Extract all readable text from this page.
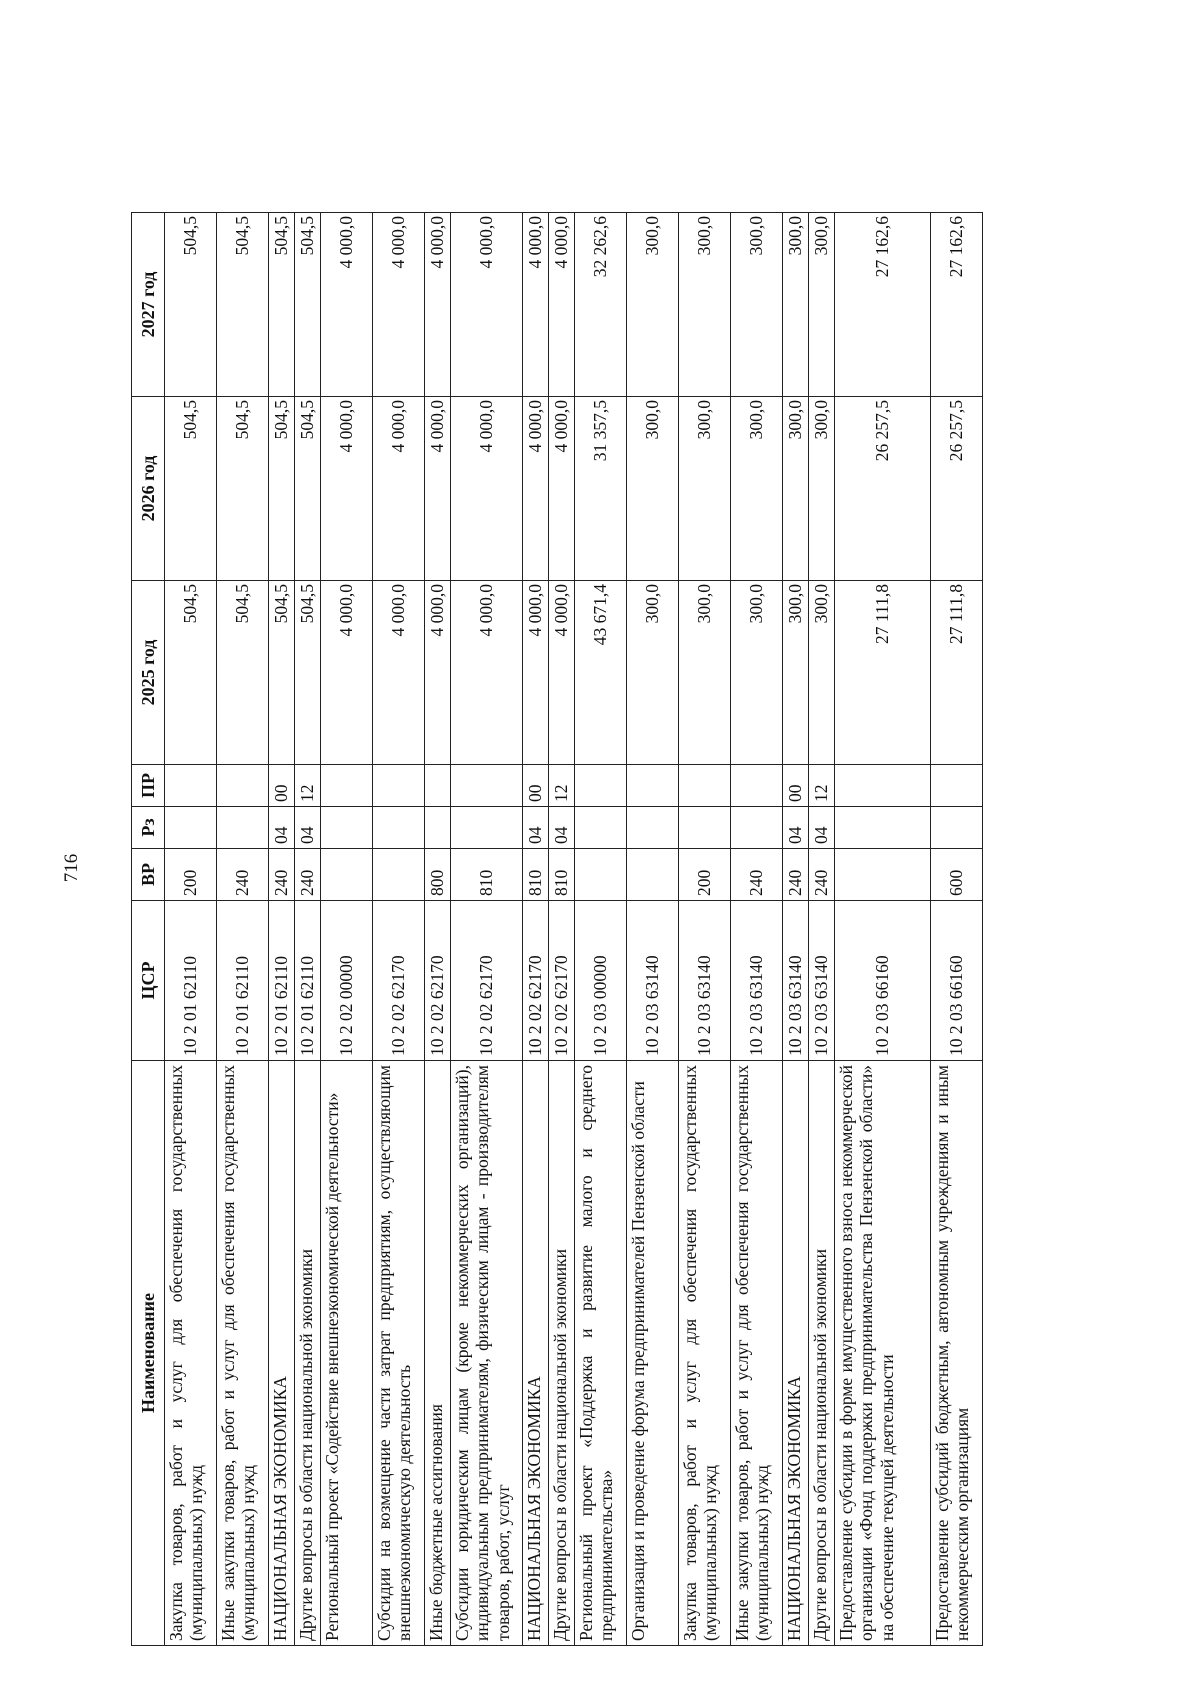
716
Наименование	ЦСР	ВР	Рз	ПР	2025 год	2026 год	2027 год
Закупка товаров, работ и услуг для обеспечения государственных (муниципальных) нужд	10 2 01 62110	200			504,5	504,5	504,5
Иные закупки товаров, работ и услуг для обеспечения государственных (муниципальных) нужд	10 2 01 62110	240			504,5	504,5	504,5
НАЦИОНАЛЬНАЯ ЭКОНОМИКА	10 2 01 62110	240	04	00	504,5	504,5	504,5
Другие вопросы в области национальной экономики	10 2 01 62110	240	04	12	504,5	504,5	504,5
Региональный проект «Содействие внешнеэкономической деятельности»	10 2 02 00000				4 000,0	4 000,0	4 000,0
Субсидии на возмещение части затрат предприятиям, осуществляющим внешнеэкономическую деятельность	10 2 02 62170				4 000,0	4 000,0	4 000,0
Иные бюджетные ассигнования	10 2 02 62170	800			4 000,0	4 000,0	4 000,0
Субсидии юридическим лицам (кроме некоммерческих организаций), индивидуальным предпринимателям, физическим лицам - производителям товаров, работ, услуг	10 2 02 62170	810			4 000,0	4 000,0	4 000,0
НАЦИОНАЛЬНАЯ ЭКОНОМИКА	10 2 02 62170	810	04	00	4 000,0	4 000,0	4 000,0
Другие вопросы в области национальной экономики	10 2 02 62170	810	04	12	4 000,0	4 000,0	4 000,0
Региональный проект «Поддержка и развитие малого и среднего предпринимательства»	10 2 03 00000				43 671,4	31 357,5	32 262,6
Организация и проведение форума предпринимателей Пензенской области	10 2 03 63140				300,0	300,0	300,0
Закупка товаров, работ и услуг для обеспечения государственных (муниципальных) нужд	10 2 03 63140	200			300,0	300,0	300,0
Иные закупки товаров, работ и услуг для обеспечения государственных (муниципальных) нужд	10 2 03 63140	240			300,0	300,0	300,0
НАЦИОНАЛЬНАЯ ЭКОНОМИКА	10 2 03 63140	240	04	00	300,0	300,0	300,0
Другие вопросы в области национальной экономики	10 2 03 63140	240	04	12	300,0	300,0	300,0
Предоставление субсидии в форме имущественного взноса некоммерческой организации «Фонд поддержки предпринимательства Пензенской области» на обеспечение текущей деятельности	10 2 03 66160				27 111,8	26 257,5	27 162,6
Предоставление субсидий бюджетным, автономным учреждениям и иным некоммерческим организациям	10 2 03 66160	600			27 111,8	26 257,5	27 162,6
